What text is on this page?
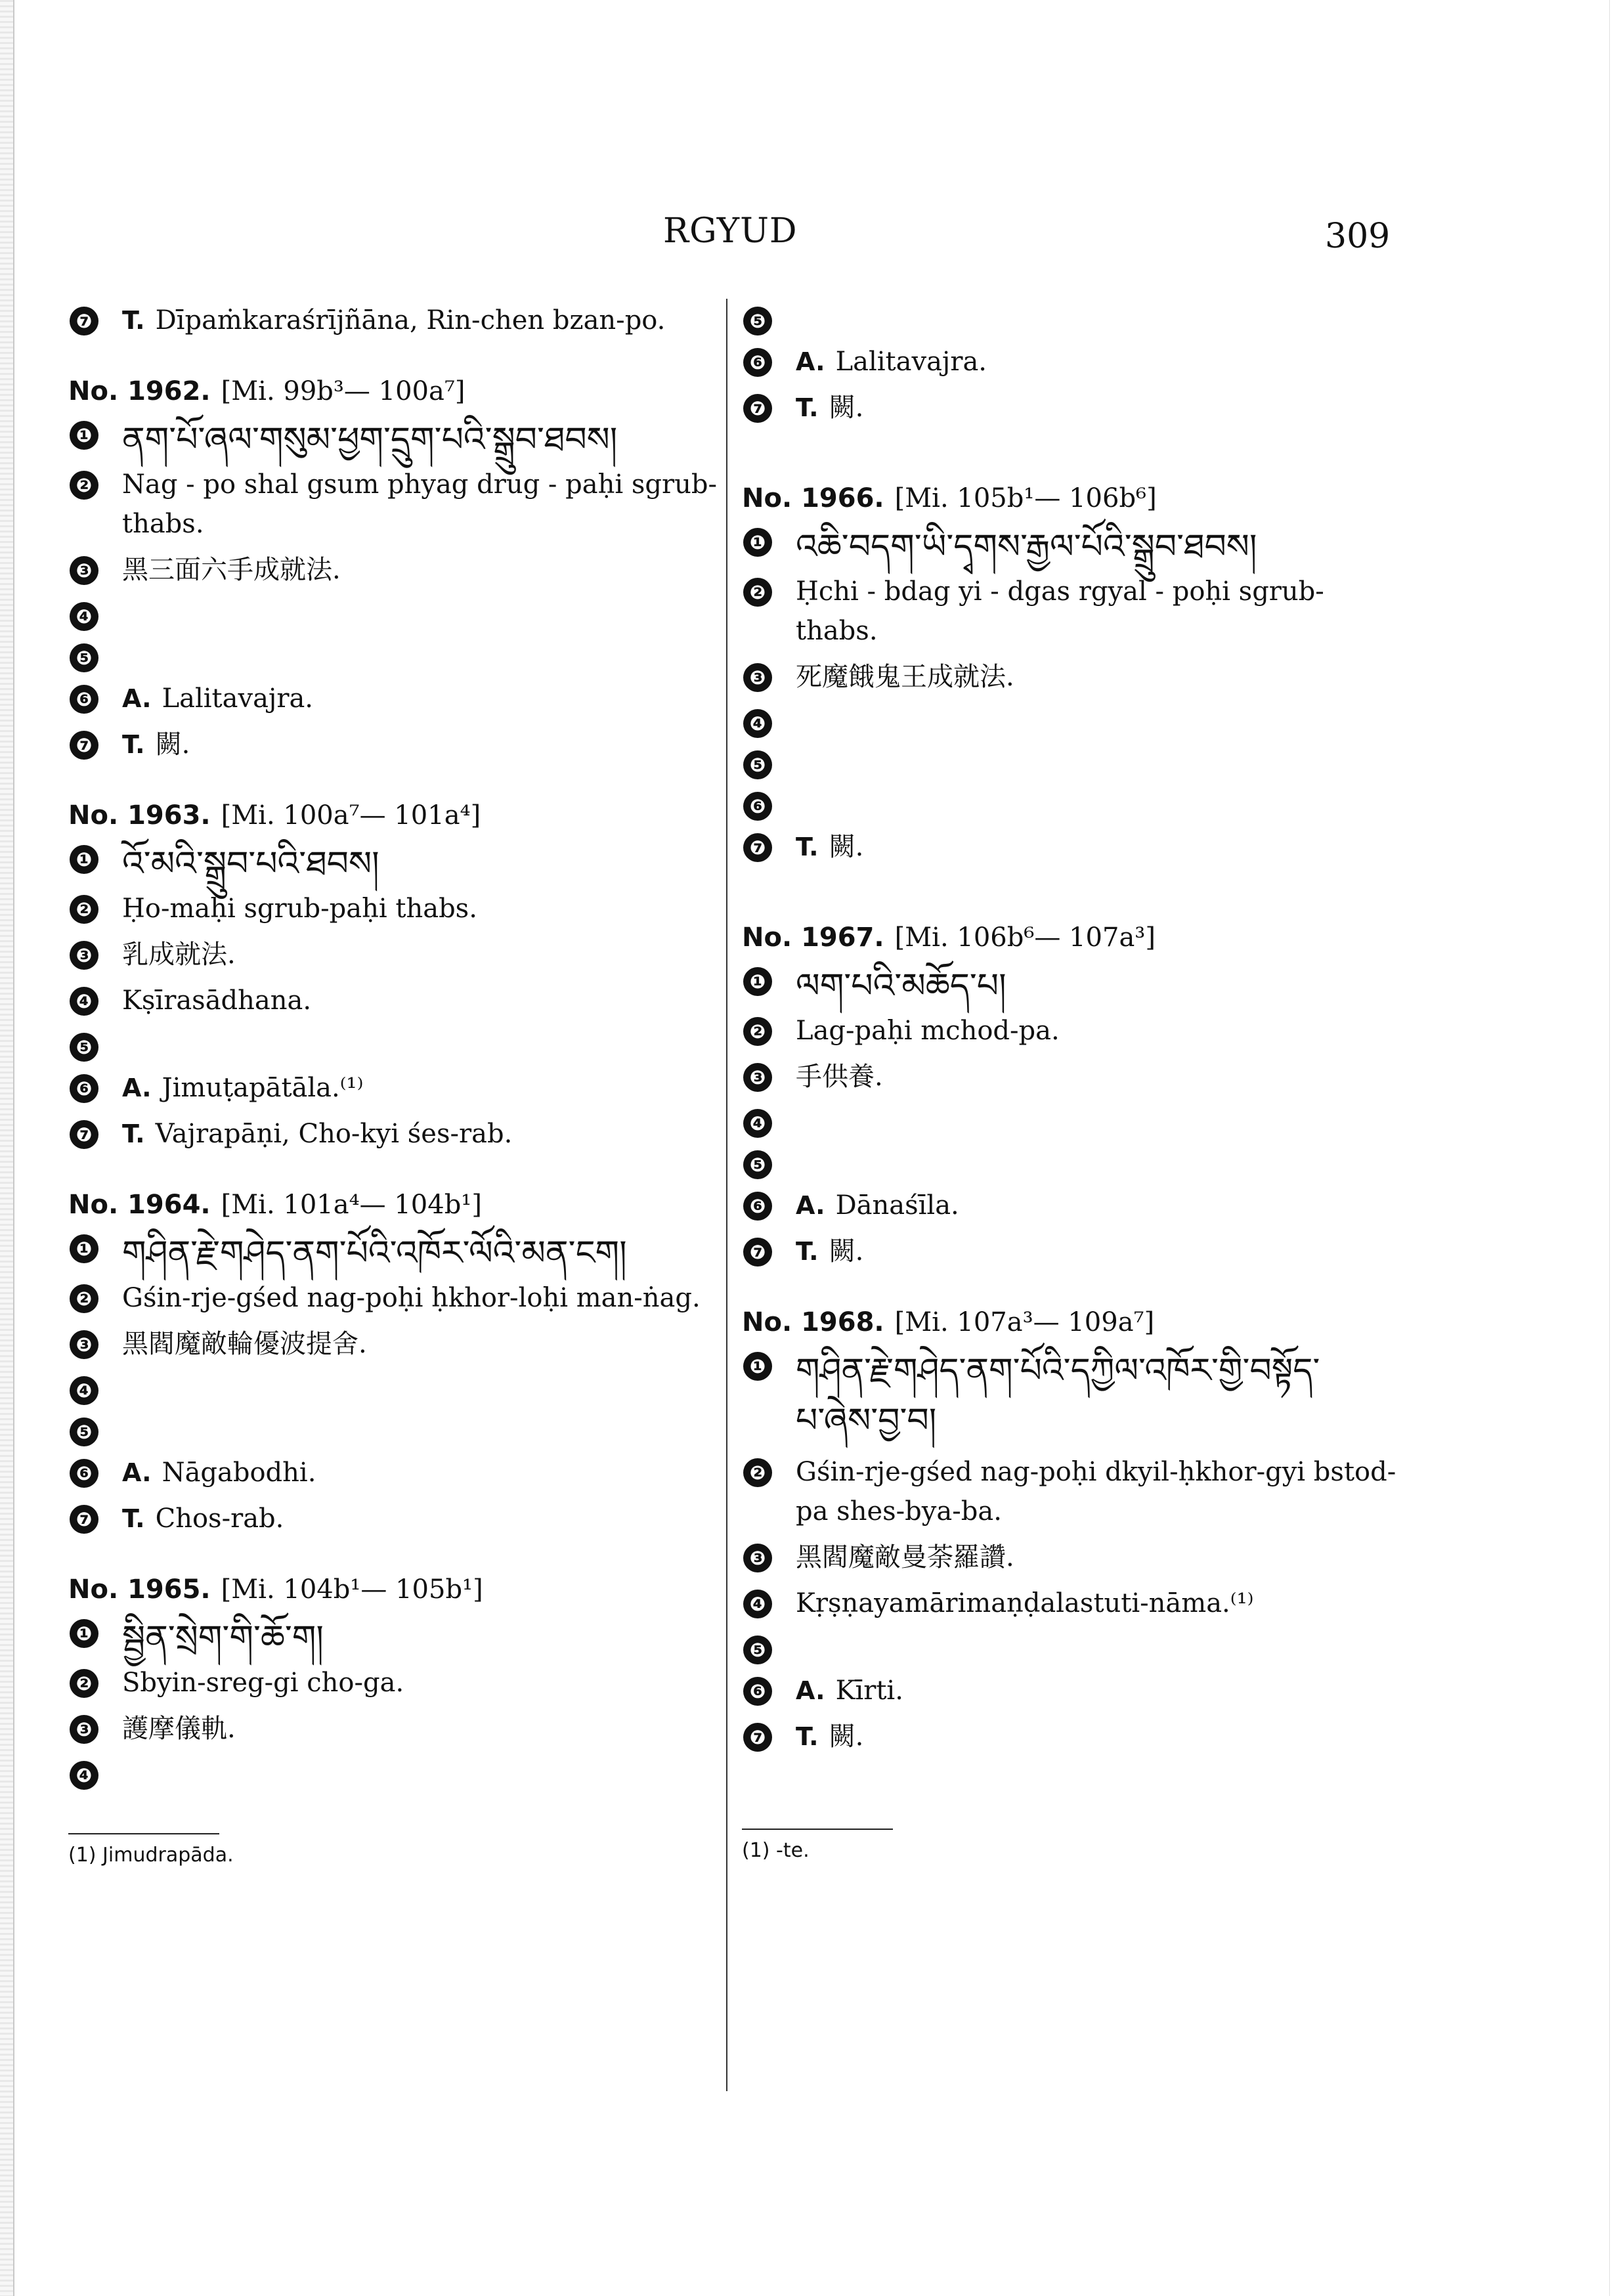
RGYUD	309
❼ T. Dīpaṁkaraśrījñāna, Rin-chen bzan-po.
No. 1962. [Mi. 99b³— 100a⁷]
❶ ནག་པོ་ཞལ་གསུམ་ཕྱག་དྲུག་པའི་སྒྲུབ་ཐབས།
❷ Nag - po shal gsum phyag drug - paḥi sgrub-thabs.
❸ 黑三面六手成就法.
❹
❺
❻ A. Lalitavajra.
❼ T. 闕.
No. 1963. [Mi. 100a⁷— 101a⁴]
❶ འོ་མའི་སྒྲུབ་པའི་ཐབས།
❷ Ḥo-maḥi sgrub-paḥi thabs.
❸ 乳成就法.
❹ Kṣīrasādhana.
❺
❻ A. Jimuṭapātāla.⁽¹⁾
❼ T. Vajrapāṇi, Cho-kyi śes-rab.
No. 1964. [Mi. 101a⁴— 104b¹]
❶ གཤིན་རྗེ་གཤེད་ནག་པོའི་འཁོར་ལོའི་མན་ངག།
❷ Gśin-rje-gśed nag-poḥi ḥkhor-loḥi man-ṅag.
❸ 黑閻魔敵輪優波提舍.
❹
❺
❻ A. Nāgabodhi.
❼ T. Chos-rab.
No. 1965. [Mi. 104b¹— 105b¹]
❶ སྦྱིན་སྲེག་གི་ཆོ་ག།
❷ Sbyin-sreg-gi cho-ga.
❸ 護摩儀軌.
❹
(1) Jimudrapāda.
❺
❻ A. Lalitavajra.
❼ T. 闕.
No. 1966. [Mi. 105b¹— 106b⁶]
❶ འཆི་བདག་ཡི་དྭགས་རྒྱལ་པོའི་སྒྲུབ་ཐབས།
❷ Ḥchi - bdag yi - dgas rgyal - poḥi sgrub-thabs.
❸ 死魔餓鬼王成就法.
❹
❺
❻
❼ T. 闕.
No. 1967. [Mi. 106b⁶— 107a³]
❶ ལག་པའི་མཆོད་པ།
❷ Lag-paḥi mchod-pa.
❸ 手供養.
❹
❺
❻ A. Dānaśīla.
❼ T. 闕.
No. 1968. [Mi. 107a³— 109a⁷]
❶ གཤིན་རྗེ་གཤེད་ནག་པོའི་དཀྱིལ་འཁོར་གྱི་བསྟོད་
པ་ཞེས་བྱ་བ།
❷ Gśin-rje-gśed nag-poḥi dkyil-ḥkhor-gyi bstod-pa shes-bya-ba.
❸ 黑閻魔敵曼荼羅讚.
❹ Kṛṣṇayamārimaṇḍalastuti-nāma.⁽¹⁾
❺
❻ A. Kīrti.
❼ T. 闕.
(1) -te.
